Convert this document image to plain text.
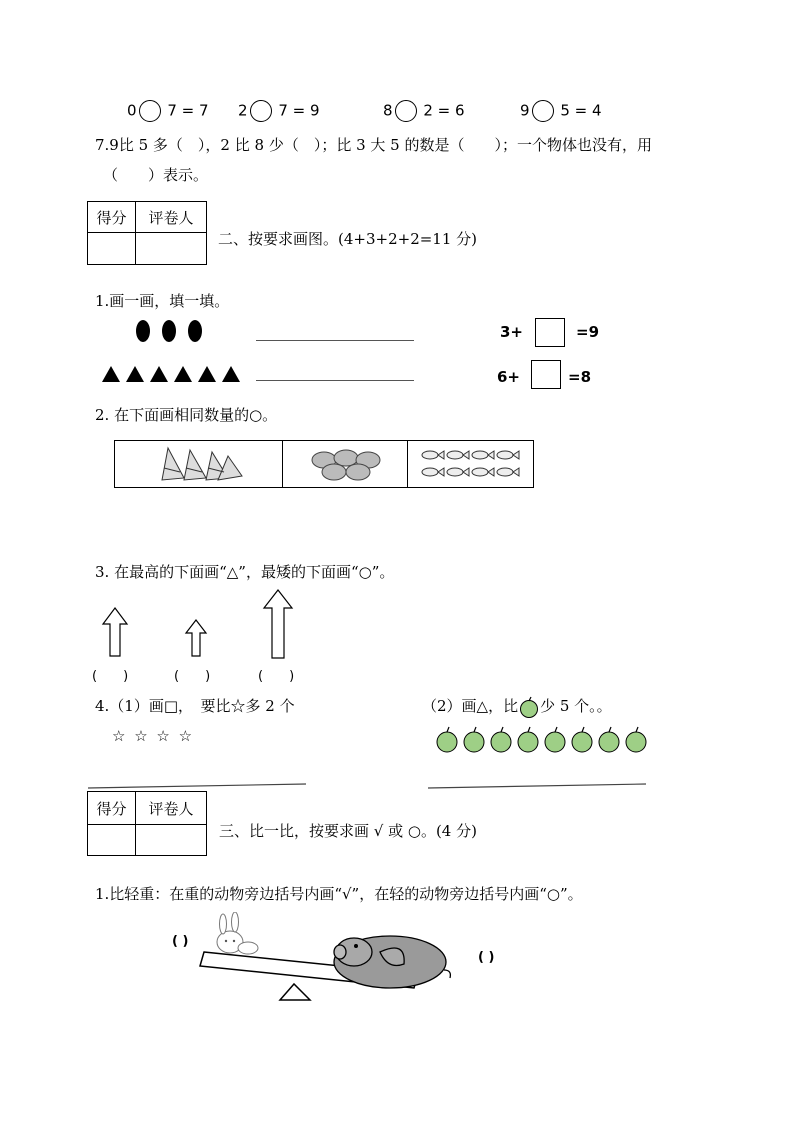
0 7 = 7 2 7 = 9	8 2 = 6	9 5 = 4
7.9比 5 多（　），2 比 8 少（　）；比 3 大 5 的数是（　　）；一个物体也没有，用
（　　）表示。
得分	评卷人

二、按要求画图。(4+3+2+2=11 分)
1.画一画，填一填。
3+	=9
6+	=8
2. 在下面画相同数量的○。
3. 在最高的下面画“△”，最矮的下面画“○”。
(　　)	(　　)	(　　)
4.（1）画□，　要比☆多 2 个
☆ ☆ ☆ ☆
（2）画△，比 少 5 个。。
得分	评卷人

三、比一比，按要求画 √ 或 ○。(4 分)
1.比轻重：在重的动物旁边括号内画“√”，在轻的动物旁边括号内画“○”。
( )
( )
